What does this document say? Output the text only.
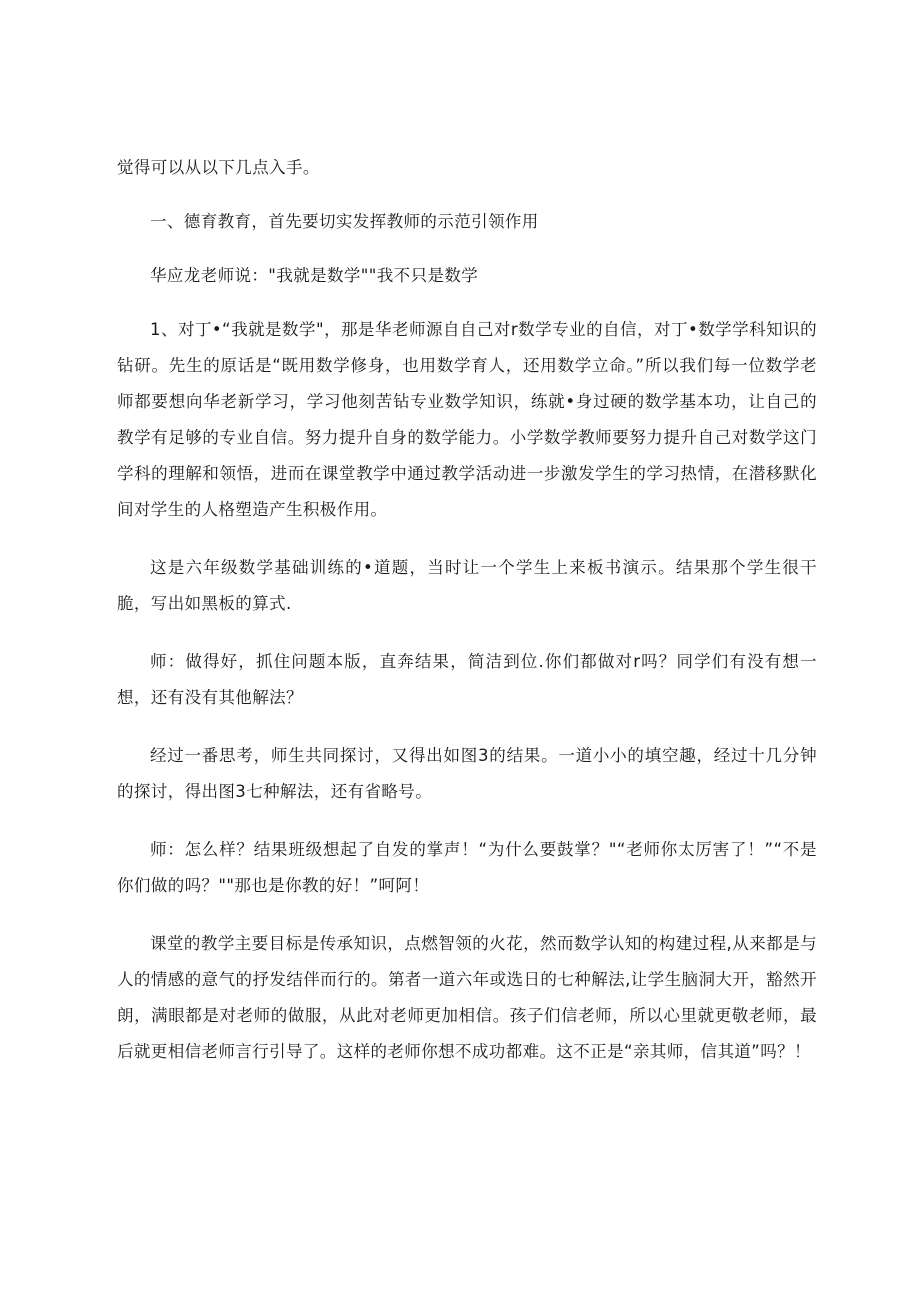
觉得可以从以下几点入手。

一、德育教育，首先要切实发挥教师的示范引领作用

华应龙老师说："我就是数学""我不只是数学

1、对丁•“我就是数学"，那是华老师源自自己对r数学专业的自信，对丁•数学学科知识的钻研。先生的原话是“既用数学修身，也用数学育人，还用数学立命。”所以我们每一位数学老师都要想向华老新学习，学习他刻苦钻专业数学知识，练就•身过硬的数学基本功，让自己的教学有足够的专业自信。努力提升自身的数学能力。小学数学教师要努力提升自己对数学这门学科的理解和领悟，进而在课堂教学中通过教学活动进一步激发学生的学习热情，在潜移默化间对学生的人格塑造产生积极作用。

这是六年级数学基础训练的•道题，当时让一个学生上来板书演示。结果那个学生很干脆，写出如黑板的算式.

师：做得好，抓住问题本版，直奔结果，简洁到位.你们都做对r吗？同学们有没有想一想，还有没有其他解法？

经过一番思考，师生共同探讨，又得出如图3的结果。一道小小的填空趣，经过十几分钟的探讨，得出图3七种解法，还有省略号。

师：怎么样？结果班级想起了自发的掌声！“为什么要鼓掌？"“老师你太厉害了！”“不是你们做的吗？""那也是你教的好！”呵阿！

课堂的教学主要目标是传承知识，点燃智领的火花，然而数学认知的构建过程,从来都是与人的情感的意气的抒发结伴而行的。第者一道六年或选日的七种解法,让学生脑洞大开，豁然开朗，满眼都是对老师的做服，从此对老师更加相信。孩子们信老师，所以心里就更敬老师，最后就更相信老师言行引导了。这样的老师你想不成功都难。这不正是“亲其师，信其道”吗？！
